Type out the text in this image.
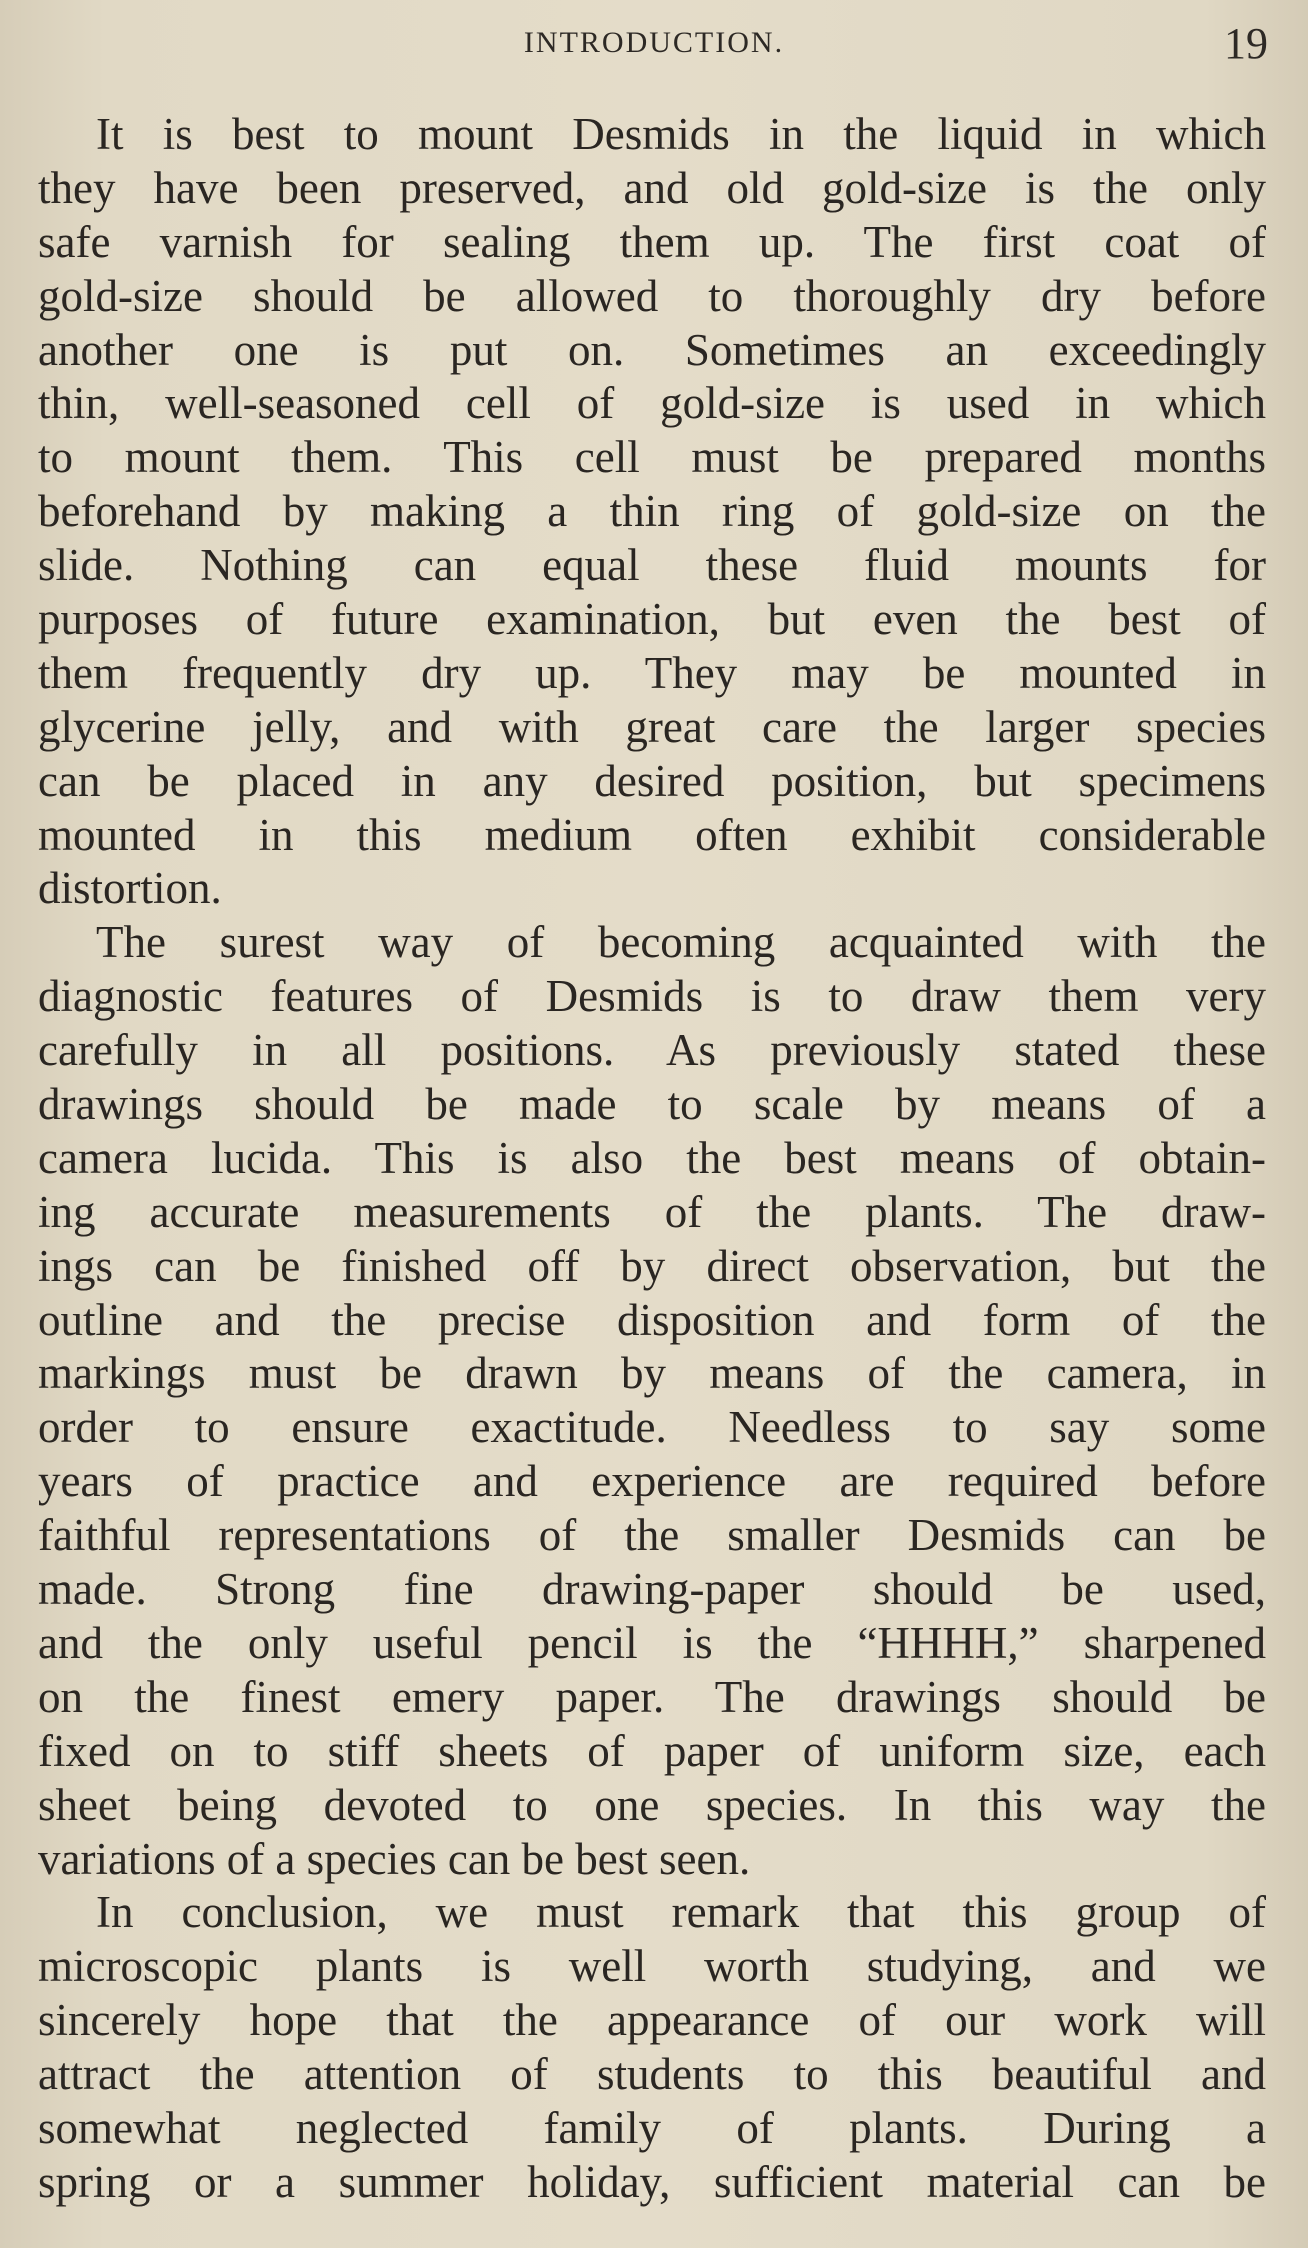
INTRODUCTION.	19
It is best to mount Desmids in the liquid in which
they have been preserved, and old gold-size is the only
safe varnish for sealing them up. The first coat of
gold-size should be allowed to thoroughly dry before
another one is put on. Sometimes an exceedingly
thin, well-seasoned cell of gold-size is used in which
to mount them. This cell must be prepared months
beforehand by making a thin ring of gold-size on the
slide. Nothing can equal these fluid mounts for
purposes of future examination, but even the best of
them frequently dry up. They may be mounted in
glycerine jelly, and with great care the larger species
can be placed in any desired position, but specimens
mounted in this medium often exhibit considerable
distortion.
The surest way of becoming acquainted with the
diagnostic features of Desmids is to draw them very
carefully in all positions. As previously stated these
drawings should be made to scale by means of a
camera lucida. This is also the best means of obtain-
ing accurate measurements of the plants. The draw-
ings can be finished off by direct observation, but the
outline and the precise disposition and form of the
markings must be drawn by means of the camera, in
order to ensure exactitude. Needless to say some
years of practice and experience are required before
faithful representations of the smaller Desmids can be
made. Strong fine drawing-paper should be used,
and the only useful pencil is the “HHHH,” sharpened
on the finest emery paper. The drawings should be
fixed on to stiff sheets of paper of uniform size, each
sheet being devoted to one species. In this way the
variations of a species can be best seen.
In conclusion, we must remark that this group of
microscopic plants is well worth studying, and we
sincerely hope that the appearance of our work will
attract the attention of students to this beautiful and
somewhat neglected family of plants. During a
spring or a summer holiday, sufficient material can be
